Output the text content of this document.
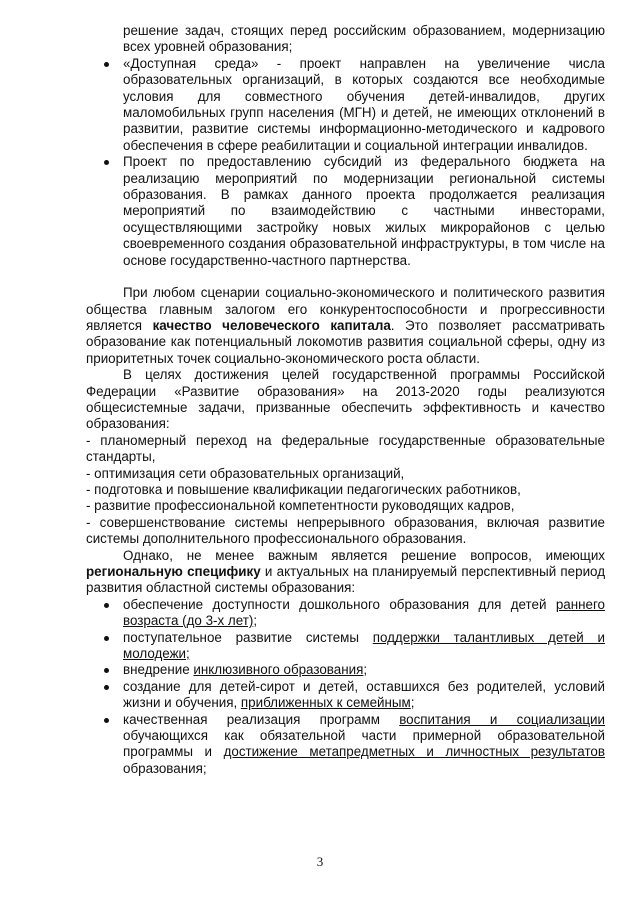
решение задач, стоящих перед российским образованием, модернизацию всех уровней образования;

«Доступная среда» - проект направлен на увеличение числа образовательных организаций, в которых создаются все необходимые условия для совместного обучения детей-инвалидов, других маломобильных групп населения (МГН) и детей, не имеющих отклонений в развитии, развитие системы информационно-методического и кадрового обеспечения в сфере реабилитации и социальной интеграции инвалидов.

Проект по предоставлению субсидий из федерального бюджета на реализацию мероприятий по модернизации региональной системы образования. В рамках данного проекта продолжается реализация мероприятий по взаимодействию с частными инвесторами, осуществляющими застройку новых жилых микрорайонов с целью своевременного создания образовательной инфраструктуры, в том числе на основе государственно-частного партнерства.

При любом сценарии социально-экономического и политического развития общества главным залогом его конкурентоспособности и прогрессивности является качество человеческого капитала. Это позволяет рассматривать образование как потенциальный локомотив развития социальной сферы, одну из приоритетных точек социально-экономического роста области.

В целях достижения целей государственной программы Российской Федерации «Развитие образования» на 2013-2020 годы реализуются общесистемные задачи, призванные обеспечить эффективность и качество образования:

- планомерный переход на федеральные государственные образовательные стандарты,

- оптимизация сети образовательных организаций,

- подготовка и повышение квалификации педагогических работников,

- развитие профессиональной компетентности руководящих кадров,

- совершенствование системы непрерывного образования, включая развитие системы дополнительного профессионального образования.

Однако, не менее важным является решение вопросов, имеющих региональную специфику и актуальных на планируемый перспективный период развития областной системы образования:

обеспечение доступности дошкольного образования для детей раннего возраста (до 3-х лет);

поступательное развитие системы поддержки талантливых детей и молодежи;

внедрение инклюзивного образования;

создание для детей-сирот и детей, оставшихся без родителей, условий жизни и обучения, приближенных к семейным;

качественная реализация программ воспитания и социализации обучающихся как обязательной части примерной образовательной программы и достижение метапредметных и личностных результатов образования;

3
